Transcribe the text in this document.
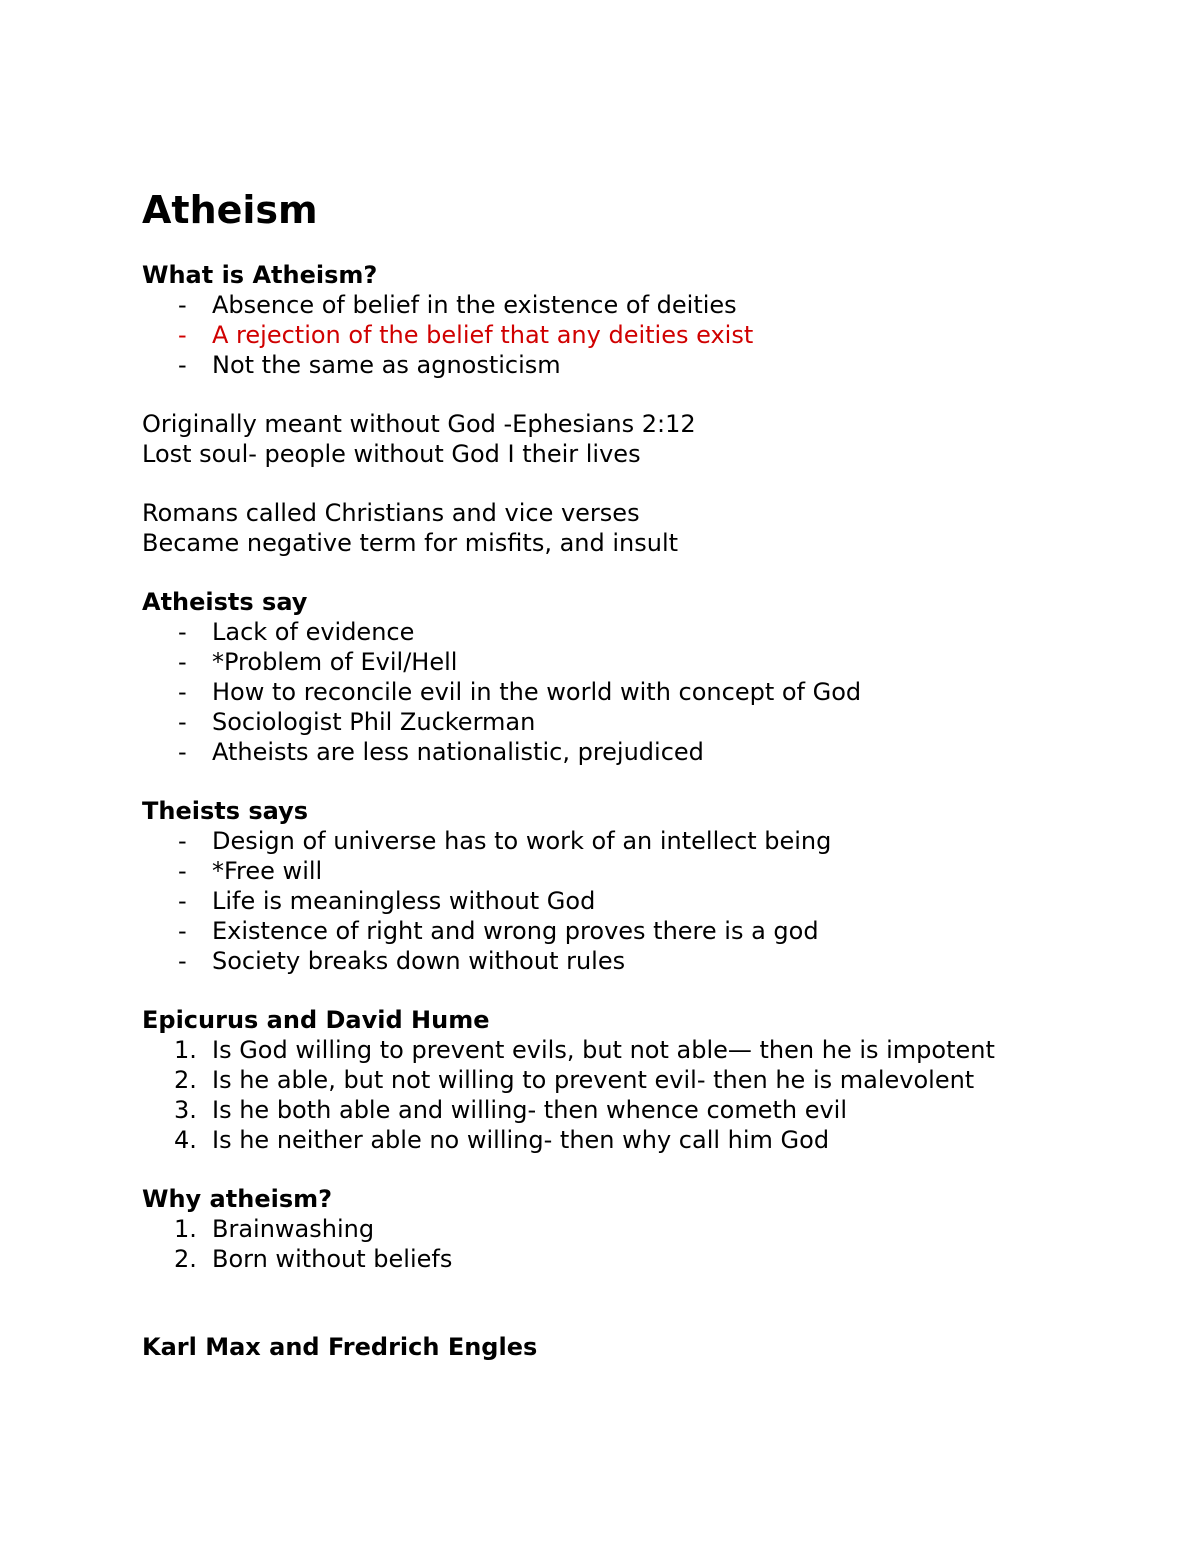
Atheism
What is Atheism?
- Absence of belief in the existence of deities
- A rejection of the belief that any deities exist
- Not the same as agnosticism
Originally meant without God -Ephesians 2:12
Lost soul- people without God I their lives
Romans called Christians and vice verses
Became negative term for misfits, and insult
Atheists say
- Lack of evidence
- *Problem of Evil/Hell
- How to reconcile evil in the world with concept of God
- Sociologist Phil Zuckerman
- Atheists are less nationalistic, prejudiced
Theists says
- Design of universe has to work of an intellect being
- *Free will
- Life is meaningless without God
- Existence of right and wrong proves there is a god
- Society breaks down without rules
Epicurus and David Hume
1. Is God willing to prevent evils, but not able— then he is impotent
2. Is he able, but not willing to prevent evil- then he is malevolent
3. Is he both able and willing- then whence cometh evil
4. Is he neither able no willing- then why call him God
Why atheism?
1. Brainwashing
2. Born without beliefs
Karl Max and Fredrich Engles
